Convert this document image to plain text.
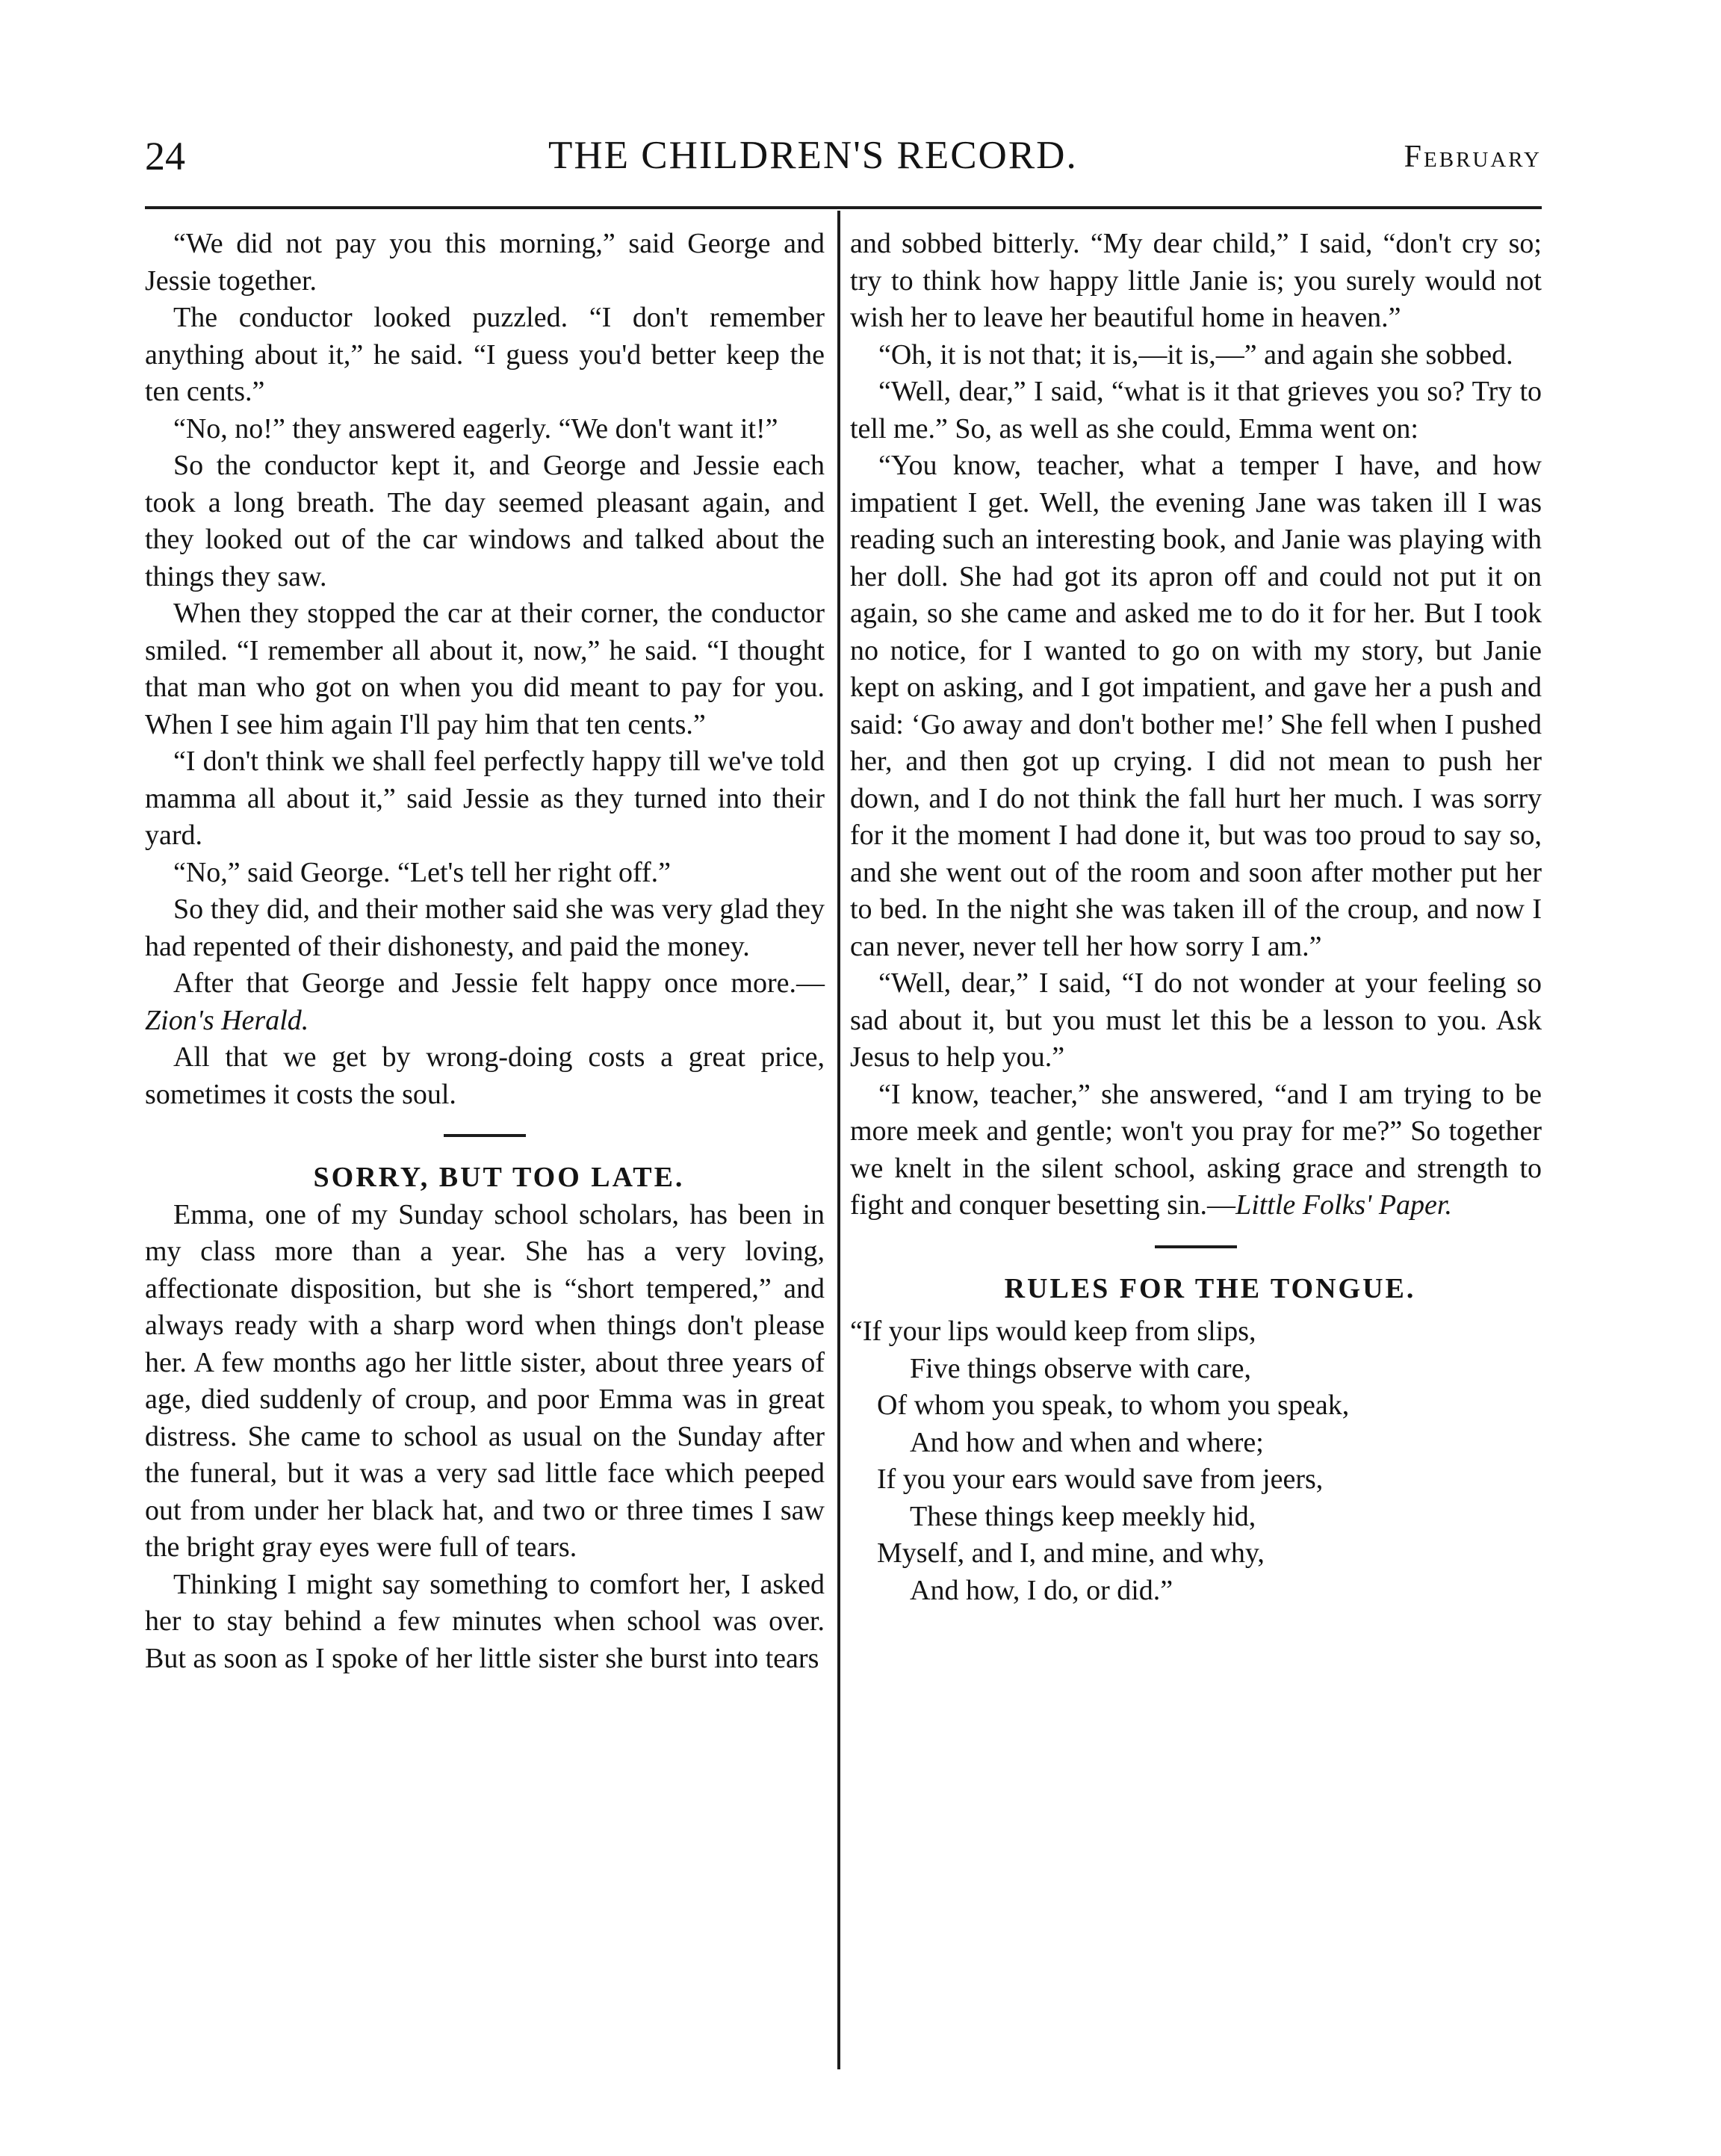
24	THE CHILDREN'S RECORD.	February

“We did not pay you this morning,” said George and Jessie together.

The conductor looked puzzled. “I don't remember anything about it,” he said. “I guess you'd better keep the ten cents.”

“No, no!” they answered eagerly. “We don't want it!”

So the conductor kept it, and George and Jessie each took a long breath. The day seemed pleasant again, and they looked out of the car windows and talked about the things they saw.

When they stopped the car at their corner, the conductor smiled. “I remember all about it, now,” he said. “I thought that man who got on when you did meant to pay for you. When I see him again I'll pay him that ten cents.”

“I don't think we shall feel perfectly happy till we've told mamma all about it,” said Jessie as they turned into their yard.

“No,” said George. “Let's tell her right off.”

So they did, and their mother said she was very glad they had repented of their dishonesty, and paid the money.

After that George and Jessie felt happy once more.—Zion's Herald.

All that we get by wrong-doing costs a great price, sometimes it costs the soul.

SORRY, BUT TOO LATE.

Emma, one of my Sunday school scholars, has been in my class more than a year. She has a very loving, affectionate disposition, but she is “short tempered,” and always ready with a sharp word when things don't please her. A few months ago her little sister, about three years of age, died suddenly of croup, and poor Emma was in great distress. She came to school as usual on the Sunday after the funeral, but it was a very sad little face which peeped out from under her black hat, and two or three times I saw the bright gray eyes were full of tears.

Thinking I might say something to comfort her, I asked her to stay behind a few minutes when school was over. But as soon as I spoke of her little sister she burst into tears

and sobbed bitterly. “My dear child,” I said, “don't cry so; try to think how happy little Janie is; you surely would not wish her to leave her beautiful home in heaven.”

“Oh, it is not that; it is,—it is,—” and again she sobbed.

“Well, dear,” I said, “what is it that grieves you so? Try to tell me.” So, as well as she could, Emma went on:

“You know, teacher, what a temper I have, and how impatient I get. Well, the evening Jane was taken ill I was reading such an interesting book, and Janie was playing with her doll. She had got its apron off and could not put it on again, so she came and asked me to do it for her. But I took no notice, for I wanted to go on with my story, but Janie kept on asking, and I got impatient, and gave her a push and said: ‘Go away and don't bother me!’ She fell when I pushed her, and then got up crying. I did not mean to push her down, and I do not think the fall hurt her much. I was sorry for it the moment I had done it, but was too proud to say so, and she went out of the room and soon after mother put her to bed. In the night she was taken ill of the croup, and now I can never, never tell her how sorry I am.”

“Well, dear,” I said, “I do not wonder at your feeling so sad about it, but you must let this be a lesson to you. Ask Jesus to help you.”

“I know, teacher,” she answered, “and I am trying to be more meek and gentle; won't you pray for me?” So together we knelt in the silent school, asking grace and strength to fight and conquer besetting sin.—Little Folks' Paper.

RULES FOR THE TONGUE.

“If your lips would keep from slips,
Five things observe with care,
Of whom you speak, to whom you speak,
And how and when and where;
If you your ears would save from jeers,
These things keep meekly hid,
Myself, and I, and mine, and why,
And how, I do, or did.”
